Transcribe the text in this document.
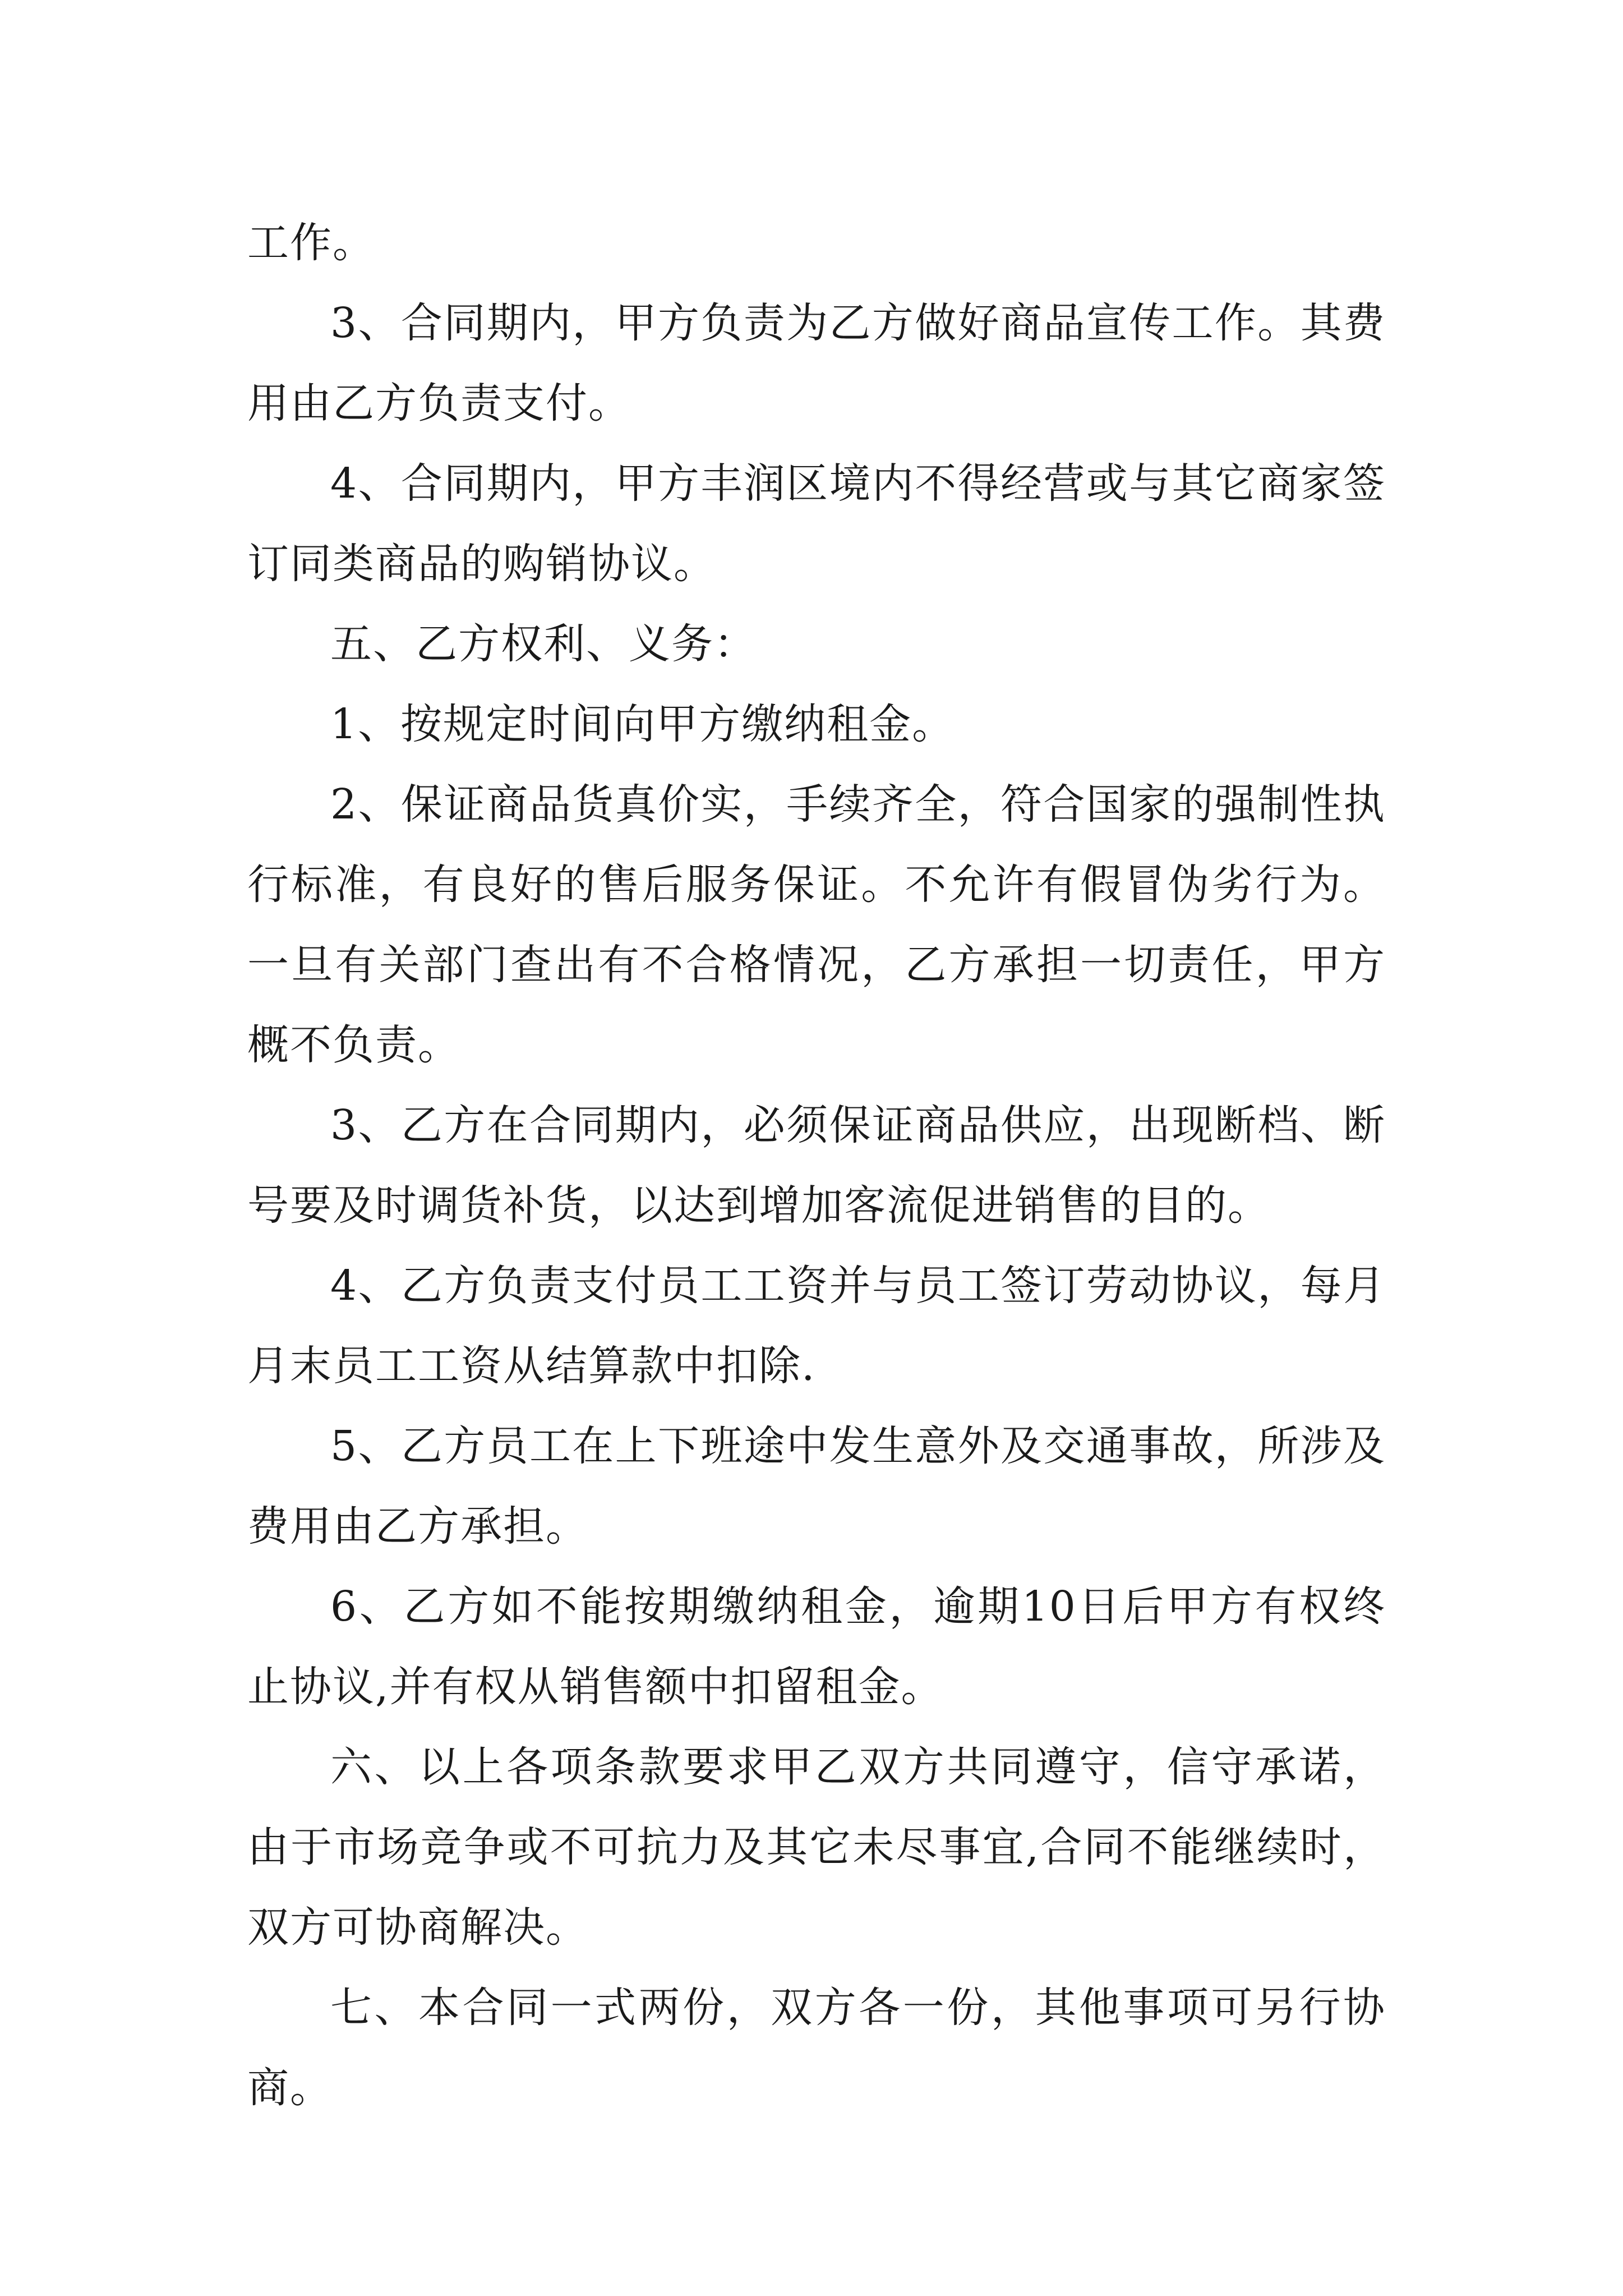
工作。

3、合同期内，甲方负责为乙方做好商品宣传工作。其费用由乙方负责支付。

4、合同期内，甲方丰润区境内不得经营或与其它商家签订同类商品的购销协议。

五、乙方权利、义务：

1、按规定时间向甲方缴纳租金。

2、保证商品货真价实，手续齐全，符合国家的强制性执行标准，有良好的售后服务保证。不允许有假冒伪劣行为。一旦有关部门查出有不合格情况，乙方承担一切责任，甲方概不负责。

3、乙方在合同期内，必须保证商品供应，出现断档、断号要及时调货补货，以达到增加客流促进销售的目的。

4、乙方负责支付员工工资并与员工签订劳动协议，每月月末员工工资从结算款中扣除.

5、乙方员工在上下班途中发生意外及交通事故，所涉及费用由乙方承担。

6、乙方如不能按期缴纳租金，逾期10日后甲方有权终止协议,并有权从销售额中扣留租金。

六、以上各项条款要求甲乙双方共同遵守，信守承诺，由于市场竞争或不可抗力及其它未尽事宜,合同不能继续时，双方可协商解决。

七、本合同一式两份，双方各一份，其他事项可另行协商。
